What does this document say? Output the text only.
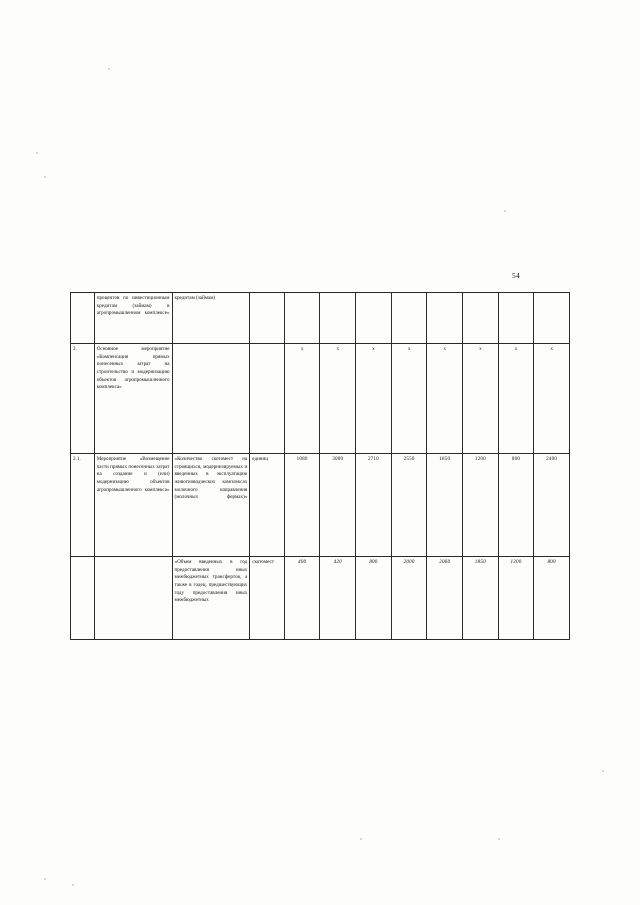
54
	процентов по инвестиционным кредитам (займам) в агропромышленном комплексе»	кредитам (займам)									
2.	Основное мероприятие «Компенсация прямых понесенных затрат на строительство и модернизацию объектов агропромышленного комплекса»			х	х	х	х	х	х	х	х
2.1.	Мероприятие «Возмещение части прямых понесенных затрат на создание и (или) модернизацию объектов агропромышленного комплекса»	«Количество скотомест на строящихся, модернизируемых и введенных в эксплуатацию животноводческих комплексах молочного направления (молочных фермах)»	единиц	1080	3000	2710	2550	1850	1200	800	2400
		«Объем введенных в год предоставления иных межбюджетных трансфертов, а также в годец, предшествующих году предоставления иных межбюджетных	скотомест	400	420	800	2000	2060	1850	1200	800
